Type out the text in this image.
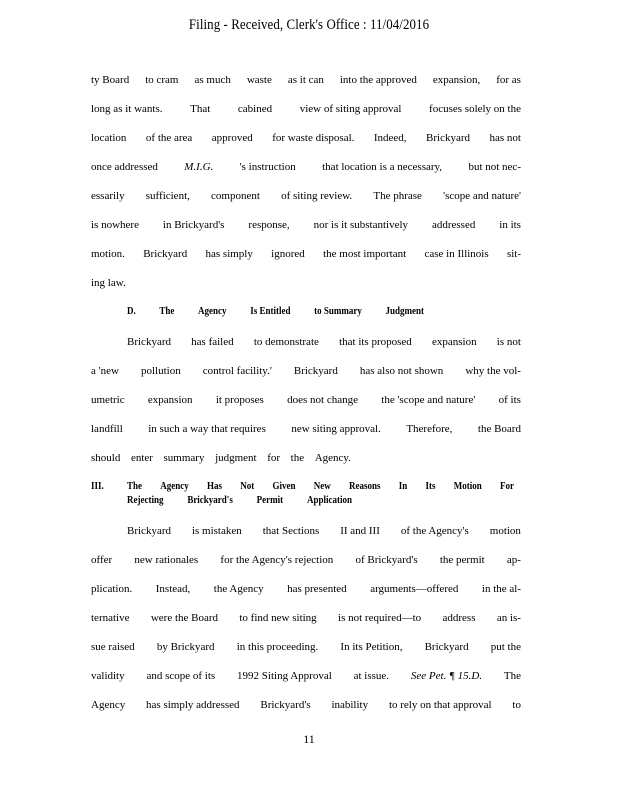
Filing - Received, Clerk's Office : 11/04/2016
ty Board to cram as much waste as it can into the approved expansion, for as
long as it wants.	That	cabined	view of siting approval	focuses solely on the
location of the area approved for waste disposal. Indeed, Brickyard has not
once addressed M.I.G. 's instruction that location is a necessary, but not nec-
essarily sufficient, component of siting review. The phrase 'scope and nature'
is nowhere in Brickyard's response, nor is it substantively addressed in its
motion. Brickyard has simply ignored the most important case in Illinois sit-
ing law.
D. The Agency Is Entitled to Summary Judgment
Brickyard has failed to demonstrate that its proposed expansion is not
a 'new pollution control facility.' Brickyard has also not shown why the vol-
umetric expansion it proposes does not change the 'scope and nature' of its
landfill in such a way that requires new siting approval. Therefore, the Board
should enter summary judgment for the Agency.
III. The Agency Has Not Given New Reasons In Its Motion For
Rejecting Brickyard's Permit Application
Brickyard is mistaken that Sections II and III of the Agency's motion
offer new rationales for the Agency's rejection of Brickyard's the permit ap-
plication. Instead, the Agency has presented arguments—offered in the al-
ternative were the Board to find new siting is not required—to address an is-
sue raised by Brickyard in this proceeding. In its Petition, Brickyard put the
validity and scope of its 1992 Siting Approval at issue. See Pet. ¶ 15.D. The
Agency has simply addressed Brickyard's inability to rely on that approval to
11
